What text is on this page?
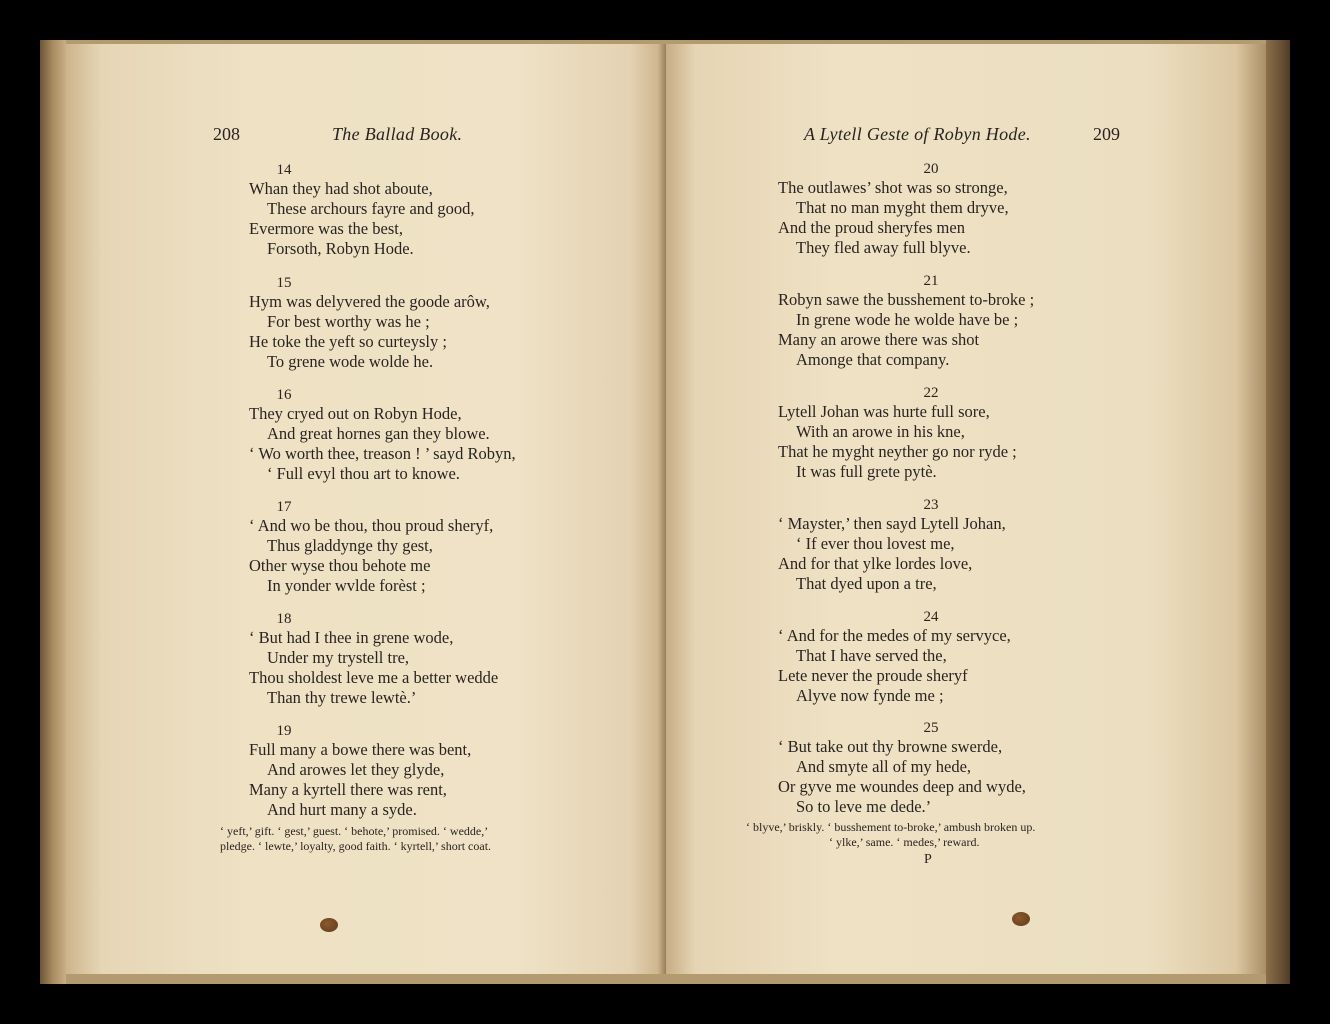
208	The Ballad Book.
14
Whan they had shot aboute,
These archours fayre and good,
Evermore was the best,
Forsoth, Robyn Hode.
15
Hym was delyvered the goode arôw,
For best worthy was he ;
He toke the yeft so curteysly ;
To grene wode wolde he.
16
They cryed out on Robyn Hode,
And great hornes gan they blowe.
‘ Wo worth thee, treason ! ’ sayd Robyn,
‘ Full evyl thou art to knowe.
17
‘ And wo be thou, thou proud sheryf,
Thus gladdynge thy gest,
Other wyse thou behote me
In yonder wvlde forèst ;
18
‘ But had I thee in grene wode,
Under my trystell tre,
Thou sholdest leve me a better wedde
Than thy trewe lewtè.’
19
Full many a bowe there was bent,
And arowes let they glyde,
Many a kyrtell there was rent,
And hurt many a syde.
‘ yeft,’ gift. ‘ gest,’ guest. ‘ behote,’ promised. ‘ wedde,’
pledge. ‘ lewte,’ loyalty, good faith. ‘ kyrtell,’ short coat.
A Lytell Geste of Robyn Hode.	209
20
The outlawes’ shot was so stronge,
That no man myght them dryve,
And the proud sheryfes men
They fled away full blyve.
21
Robyn sawe the busshement to-broke ;
In grene wode he wolde have be ;
Many an arowe there was shot
Amonge that company.
22
Lytell Johan was hurte full sore,
With an arowe in his kne,
That he myght neyther go nor ryde ;
It was full grete pytè.
23
‘ Mayster,’ then sayd Lytell Johan,
‘ If ever thou lovest me,
And for that ylke lordes love,
That dyed upon a tre,
24
‘ And for the medes of my servyce,
That I have served the,
Lete never the proude sheryf
Alyve now fynde me ;
25
‘ But take out thy browne swerde,
And smyte all of my hede,
Or gyve me woundes deep and wyde,
So to leve me dede.’
‘ blyve,’ briskly. ‘ busshement to-broke,’ ambush broken up.
‘ ylke,’ same. ‘ medes,’ reward.
P
